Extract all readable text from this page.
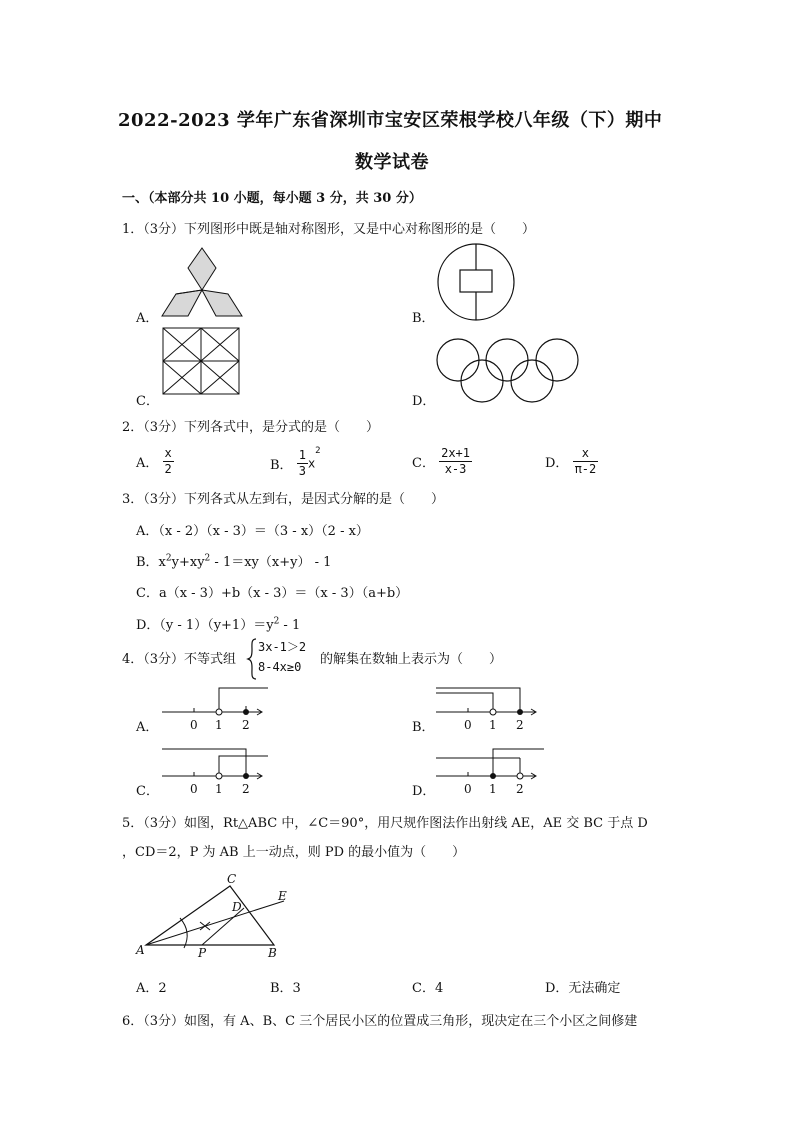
2022-2023 学年广东省深圳市宝安区荣根学校八年级（下）期中
数学试卷
一、（本部分共 10 小题，每小题 3 分，共 30 分）
1．（3分）下列图形中既是轴对称图形，又是中心对称图形的是（　　）
A．	B．
C．	D．
2．（3分）下列各式中，是分式的是（　　）
A． $\frac{x}{2}$	B． $\frac{1}{3} x^2$
C． $\frac{2x+1}{x-3}$	D． $\frac{x}{\pi-2}$
3．（3分）下列各式从左到右，是因式分解的是（　　）
A．（x - 2）（x - 3）＝（3 - x）（2 - x）
B．$x^2y+xy^2 - 1=xy(x+y) - 1$
C．a（x - 3）+b（x - 3）＝（x - 3）（a+b）
D．$(y - 1)(y+1)=y^2 - 1$
4．（3分）不等式组
3x-1＞2
8-4x≥0 的解集在数轴上表示为（　　）
A．	B．
C．	D．
0 1 2	0 1 2
0 1 2	0 1 2
5．（3分）如图，Rt△ABC 中，∠C＝90°，用尺规作图法作出射线 AE，AE 交 BC 于点 D
，CD＝2，P 为 AB 上一动点，则 PD 的最小值为（　　）
C
D
E
A	P	B
A．2	B．3	C．4	D．无法确定
6．（3分）如图，有 A、B、C 三个居民小区的位置成三角形，现决定在三个小区之间修建
